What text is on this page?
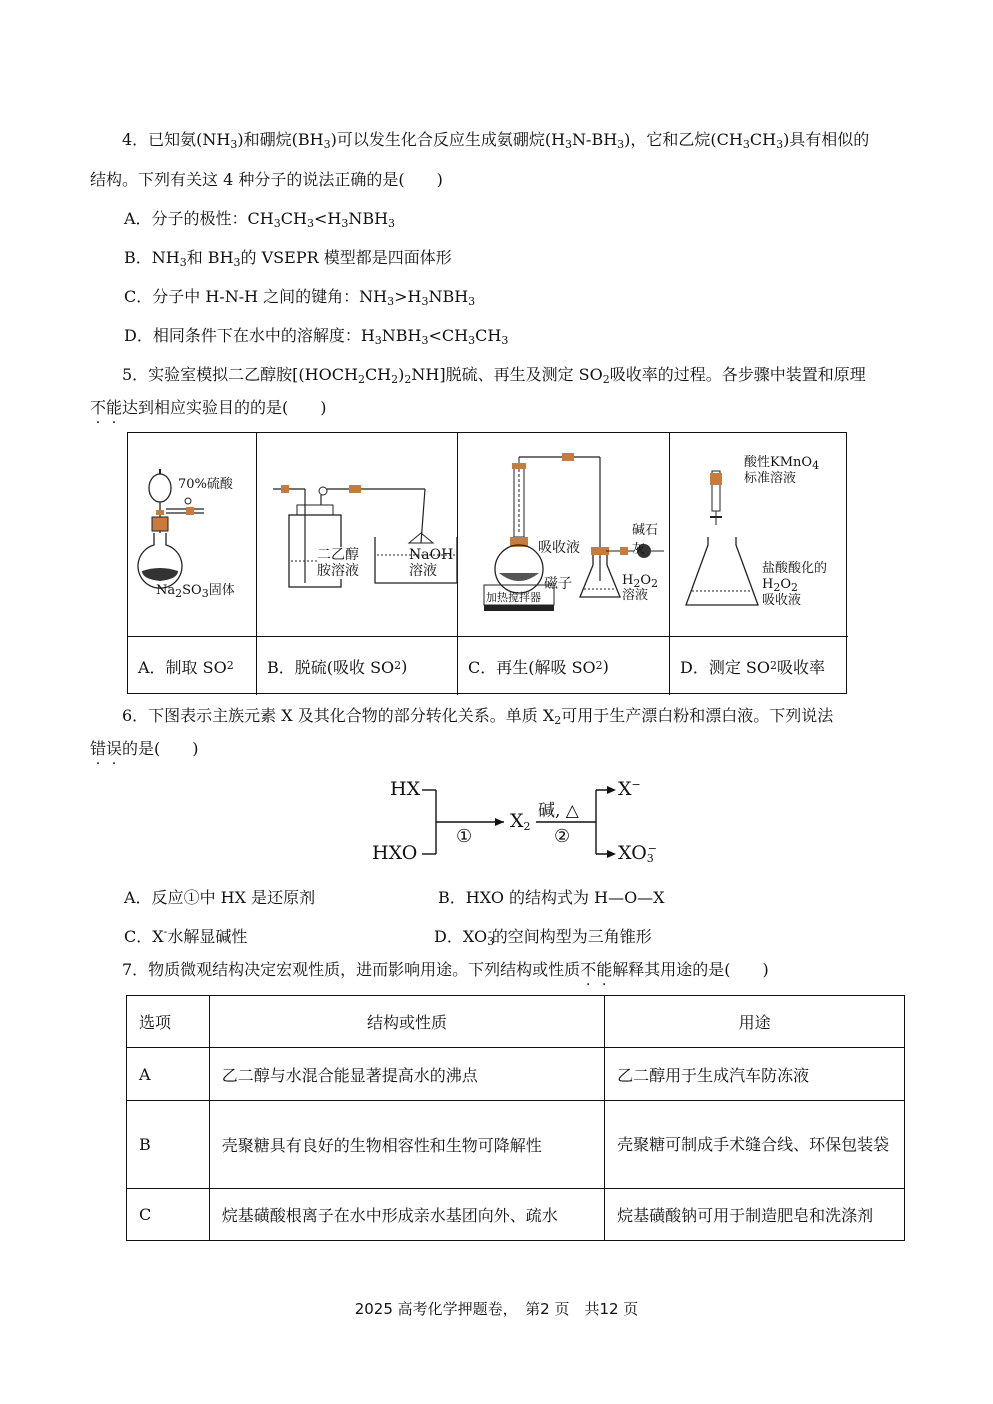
4．已知氨$(NH_3)$和硼烷$(BH_3)$可以发生化合反应生成氨硼烷$(H_3N-BH_3)$，它和乙烷$(CH_3CH_3)$具有相似的
结构。下列有关这 4 种分子的说法正确的是(　　)
A．分子的极性：$CH_3CH_3<H_3NBH_3$
B．$NH_3$和 $BH_3$的 VSEPR 模型都是四面体形
C．分子中 H-N-H 之间的键角：$NH_3>H_3NBH_3$
D．相同条件下在水中的溶解度：$H_3NBH_3<CH_3CH_3$
5．实验室模拟二乙醇胺$[(HOCH_2CH_2)_2NH]$脱硫、再生及测定 $SO_2$吸收率的过程。各步骤中装置和原理
不能达到相应实验目的的是(　　)
70%硫酸
$Na_2SO_3$固体
A．制取 SO 2
二乙醇
胺溶液
NaOH
溶液
B．脱硫(吸收 SO 2 )
吸收液
磁子
加热搅拌器
碱石灰
$H_2O_2$
溶液
C．再生(解吸 SO 2 )
酸性KMnO$_4$
标准溶液
盐酸酸化的
$H_2O_2$
吸收液
D．测定 SO 2 吸收率
6．下图表示主族元素 X 及其化合物的部分转化关系。单质 $X_2$可用于生产漂白粉和漂白液。下列说法
错误的是(　　)
HX
HXO
①
$X_2$
碱, △
②
X−
$XO_3^-$
A．反应①中 HX 是还原剂	B．HXO 的结构式为 H—O—X
C．X-水解显碱性	D．$XO_3^-$的空间构型为三角锥形
7．物质微观结构决定宏观性质，进而影响用途。下列结构或性质不能解释其用途的是(　　)
选项	结构或性质	用途
A	乙二醇与水混合能显著提高水的沸点	乙二醇用于生成汽车防冻液
B	壳聚糖具有良好的生物相容性和生物可降解性	壳聚糖可制成手术缝合线、环保包装袋

C	烷基磺酸根离子在水中形成亲水基团向外、疏水	烷基磺酸钠可用于制造肥皂和洗涤剂
2025 高考化学押题卷，　第2 页　共12 页
